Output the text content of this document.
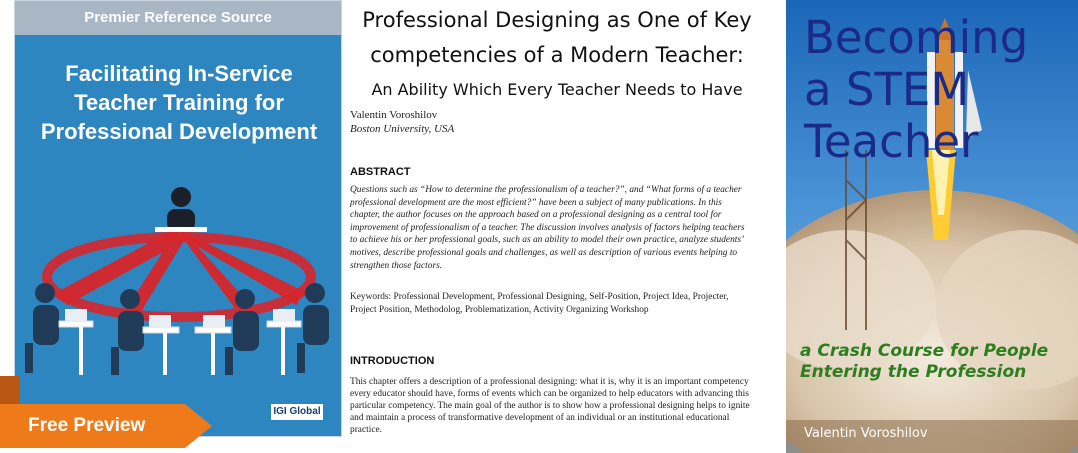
Premier Reference Source
Facilitating In-Service
Teacher Training for
Professional Development
IGI Global
Free Preview
Professional Designing as One of Key
competencies of a Modern Teacher:
An Ability Which Every Teacher Needs to Have
Valentin Voroshilov
Boston University, USA
ABSTRACT
Questions such as “How to determine the professionalism of a teacher?”, and “What forms of a teacher professional development are the most efficient?” have been a subject of many publications. In this chapter, the author focuses on the approach based on a professional designing as a central tool for improvement of professionalism of a teacher. The discussion involves analysis of factors helping teachers to achieve his or her professional goals, such as an ability to model their own practice, analyze students’ motives, describe professional goals and challenges, as well as description of various events helping to strengthen those factors.
Keywords: Professional Development, Professional Designing, Self-Position, Project Idea, Projecter, Project Position, Methodolog, Problematization, Activity Organizing Workshop
INTRODUCTION
This chapter offers a description of a professional designing: what it is, why it is an important competency every educator should have, forms of events which can be organized to help educators with advancing this particular competency. The main goal of the author is to show how a professional designing helps to ignite and maintain a process of transformative development of an individual or an institutional educational practice.
Becoming
a STEM
Teacher
a Crash Course for People
Entering the Profession
Valentin Voroshilov
